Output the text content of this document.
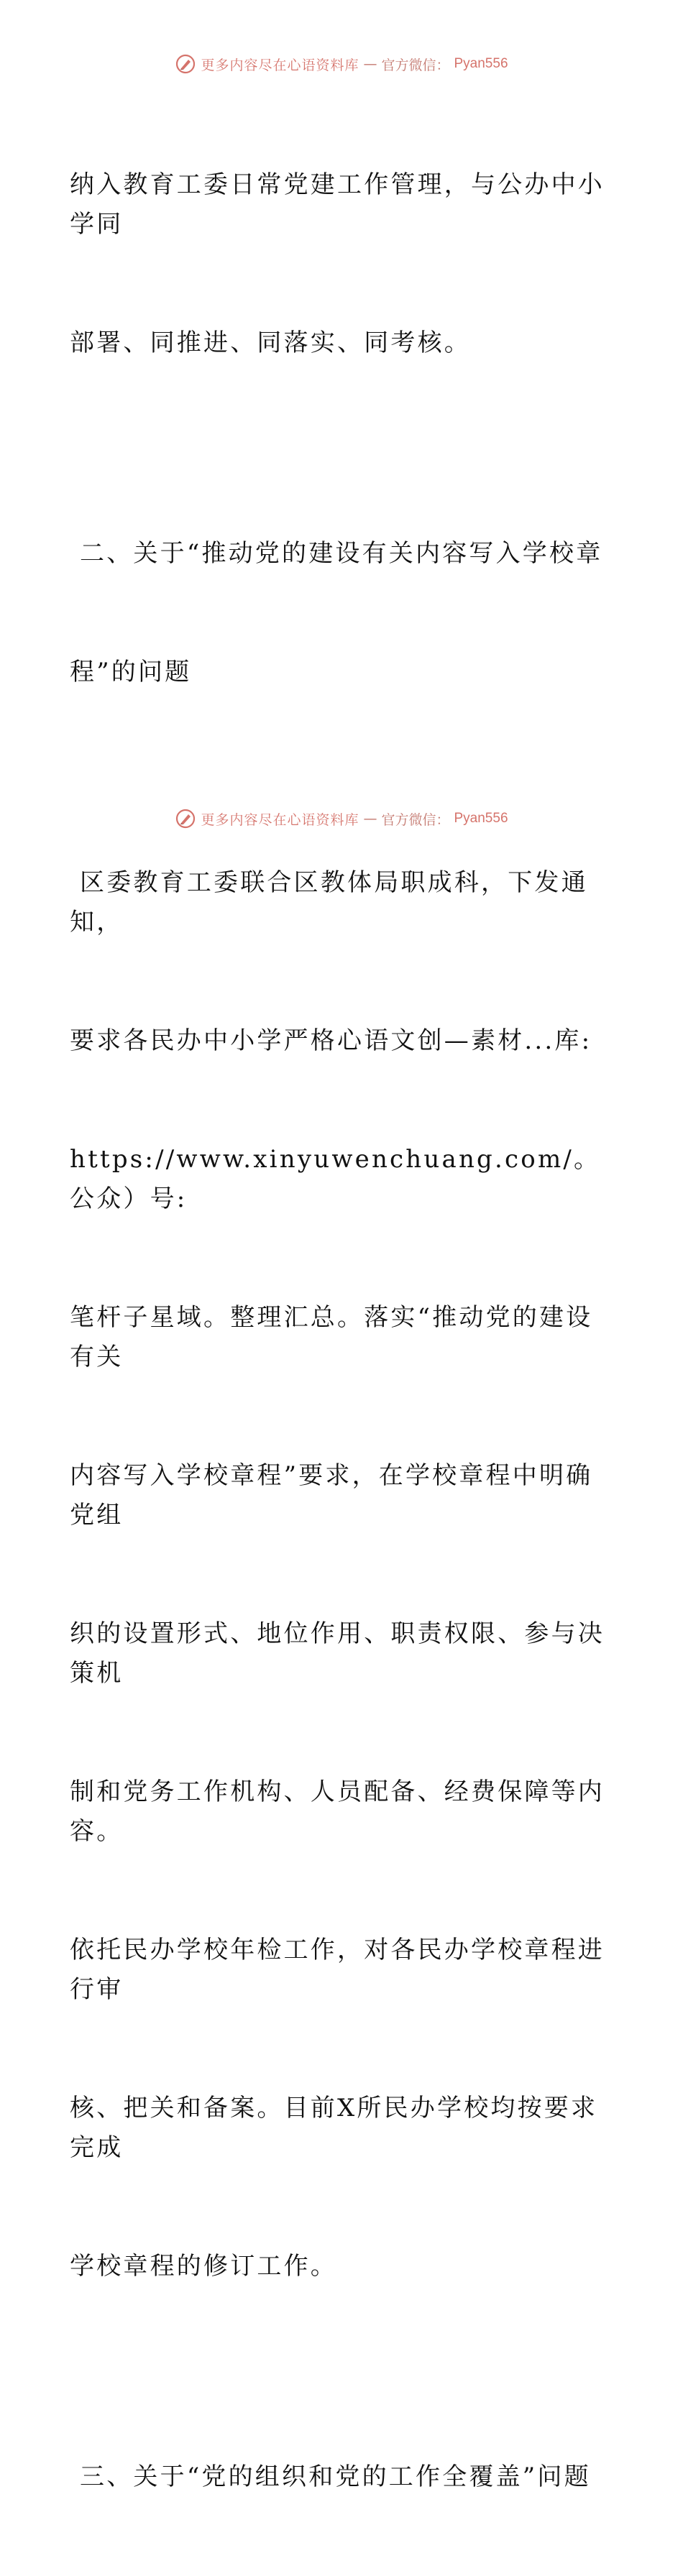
更多内容尽在心语资料库 — 官方微信： Pyan556

纳入教育工委日常党建工作管理，与公办中小学同

部署、同推进、同落实、同考核。

二、关于“推动党的建设有关内容写入学校章

程”的问题

区委教育工委联合区教体局职成科，下发通知，

要求各民办中小学严格心语文创—素材...库:

https://www.xinyuwenchuang.com/。公众）号:

笔杆子星域。整理汇总。落实“推动党的建设有关

内容写入学校章程”要求，在学校章程中明确党组

织的设置形式、地位作用、职责权限、参与决策机

制和党务工作机构、人员配备、经费保障等内容。

依托民办学校年检工作，对各民办学校章程进行审

核、把关和备案。目前X所民办学校均按要求完成

学校章程的修订工作。

三、关于“党的组织和党的工作全覆盖”问题

更多内容尽在心语资料库 — 官方微信： Pyan556
